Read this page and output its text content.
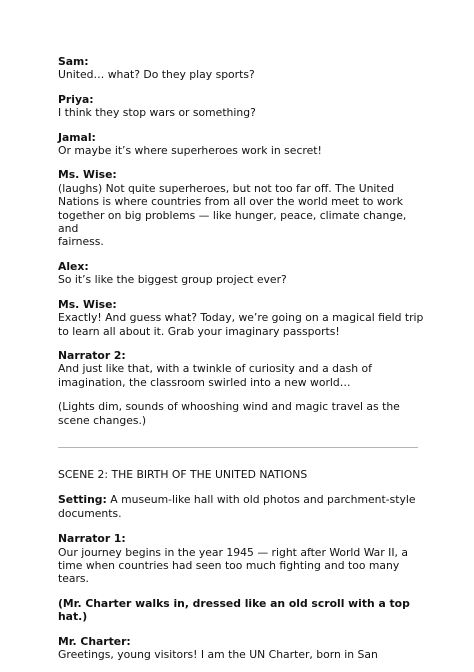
Sam:
United… what? Do they play sports?
Priya:
I think they stop wars or something?
Jamal:
Or maybe it’s where superheroes work in secret!
Ms. Wise:
(laughs) Not quite superheroes, but not too far off. The United
Nations is where countries from all over the world meet to work
together on big problems — like hunger, peace, climate change, and
fairness.
Alex:
So it’s like the biggest group project ever?
Ms. Wise:
Exactly! And guess what? Today, we’re going on a magical field trip
to learn all about it. Grab your imaginary passports!
Narrator 2:
And just like that, with a twinkle of curiosity and a dash of
imagination, the classroom swirled into a new world…
(Lights dim, sounds of whooshing wind and magic travel as the
scene changes.)
SCENE 2: THE BIRTH OF THE UNITED NATIONS
Setting: A museum-like hall with old photos and parchment-style
documents.
Narrator 1:
Our journey begins in the year 1945 — right after World War II, a
time when countries had seen too much fighting and too many
tears.
(Mr. Charter walks in, dressed like an old scroll with a top
hat.)
Mr. Charter:
Greetings, young visitors! I am the UN Charter, born in San
